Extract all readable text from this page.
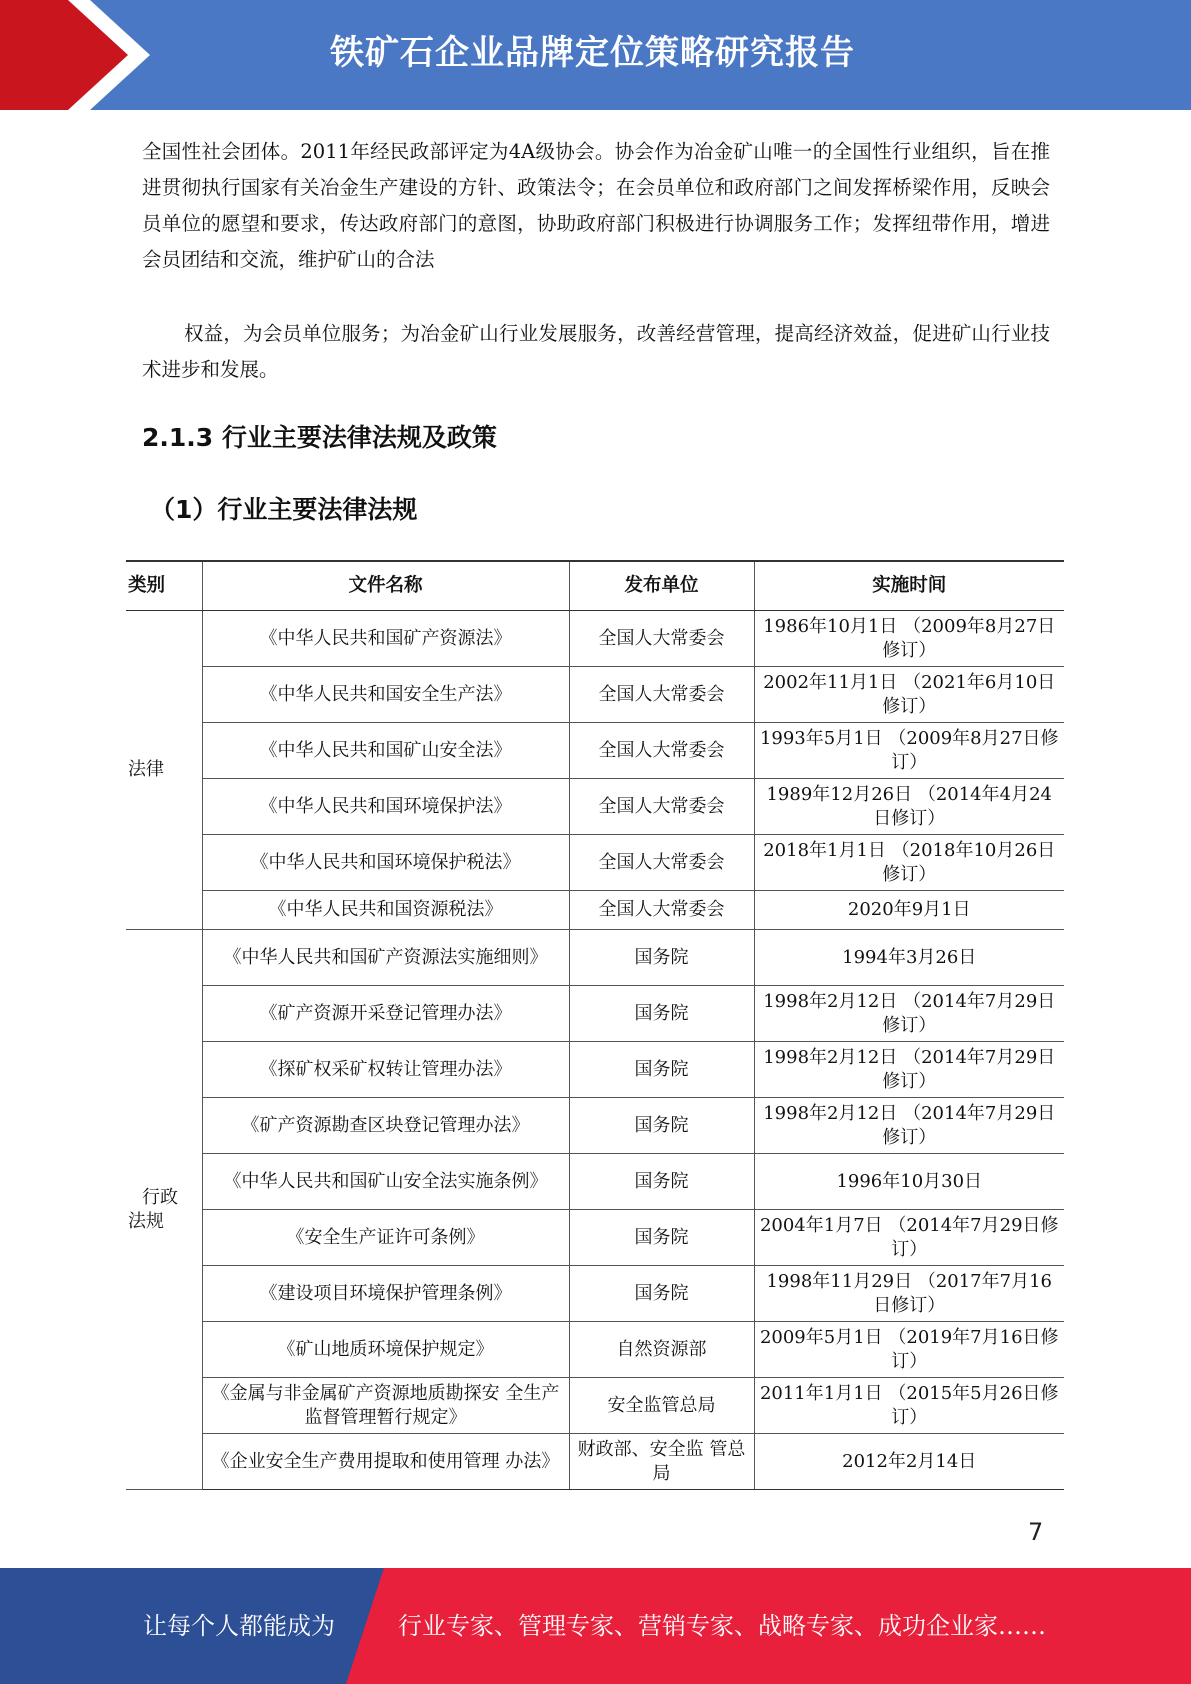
铁矿石企业品牌定位策略研究报告

全国性社会团体。2011年经民政部评定为4A级协会。协会作为冶金矿山唯一的全国性行业组织，旨在推进贯彻执行国家有关冶金生产建设的方针、政策法令；在会员单位和政府部门之间发挥桥梁作用，反映会员单位的愿望和要求，传达政府部门的意图，协助政府部门积极进行协调服务工作；发挥纽带作用，增进会员团结和交流，维护矿山的合法

权益，为会员单位服务；为冶金矿山行业发展服务，改善经营管理，提高经济效益，促进矿山行业技术进步和发展。

2.1.3 行业主要法律法规及政策
（1）行业主要法律法规
类别	文件名称	发布单位	实施时间
法律	《中华人民共和国矿产资源法》	全国人大常委会	1986年10月1日 （2009年8月27日修订）
	《中华人民共和国安全生产法》	全国人大常委会	2002年11月1日 （2021年6月10日修订）
	《中华人民共和国矿山安全法》	全国人大常委会	1993年5月1日 （2009年8月27日修订）
	《中华人民共和国环境保护法》	全国人大常委会	1989年12月26日 （2014年4月24日修订）
	《中华人民共和国环境保护税法》	全国人大常委会	2018年1月1日 （2018年10月26日修订）
	《中华人民共和国资源税法》	全国人大常委会	2020年9月1日

行政
法规	《中华人民共和国矿产资源法实施细则》	国务院	1994年3月26日
	《矿产资源开采登记管理办法》	国务院	1998年2月12日 （2014年7月29日修订）
	《探矿权采矿权转让管理办法》	国务院	1998年2月12日 （2014年7月29日修订）
	《矿产资源勘查区块登记管理办法》	国务院	1998年2月12日 （2014年7月29日修订）
	《中华人民共和国矿山安全法实施条例》	国务院	1996年10月30日
	《安全生产证许可条例》	国务院	2004年1月7日 （2014年7月29日修订）
	《建设项目环境保护管理条例》	国务院	1998年11月29日 （2017年7月16日修订）
	《矿山地质环境保护规定》	自然资源部	2009年5月1日 （2019年7月16日修订）
	《金属与非金属矿产资源地质勘探安 全生产监督管理暂行规定》	安全监管总局	2011年1月1日 （2015年5月26日修订）
	《企业安全生产费用提取和使用管理 办法》	财政部、安全监 管总局	2012年2月14日
7
让每个人都能成为	行业专家、管理专家、营销专家、战略专家、成功企业家……
